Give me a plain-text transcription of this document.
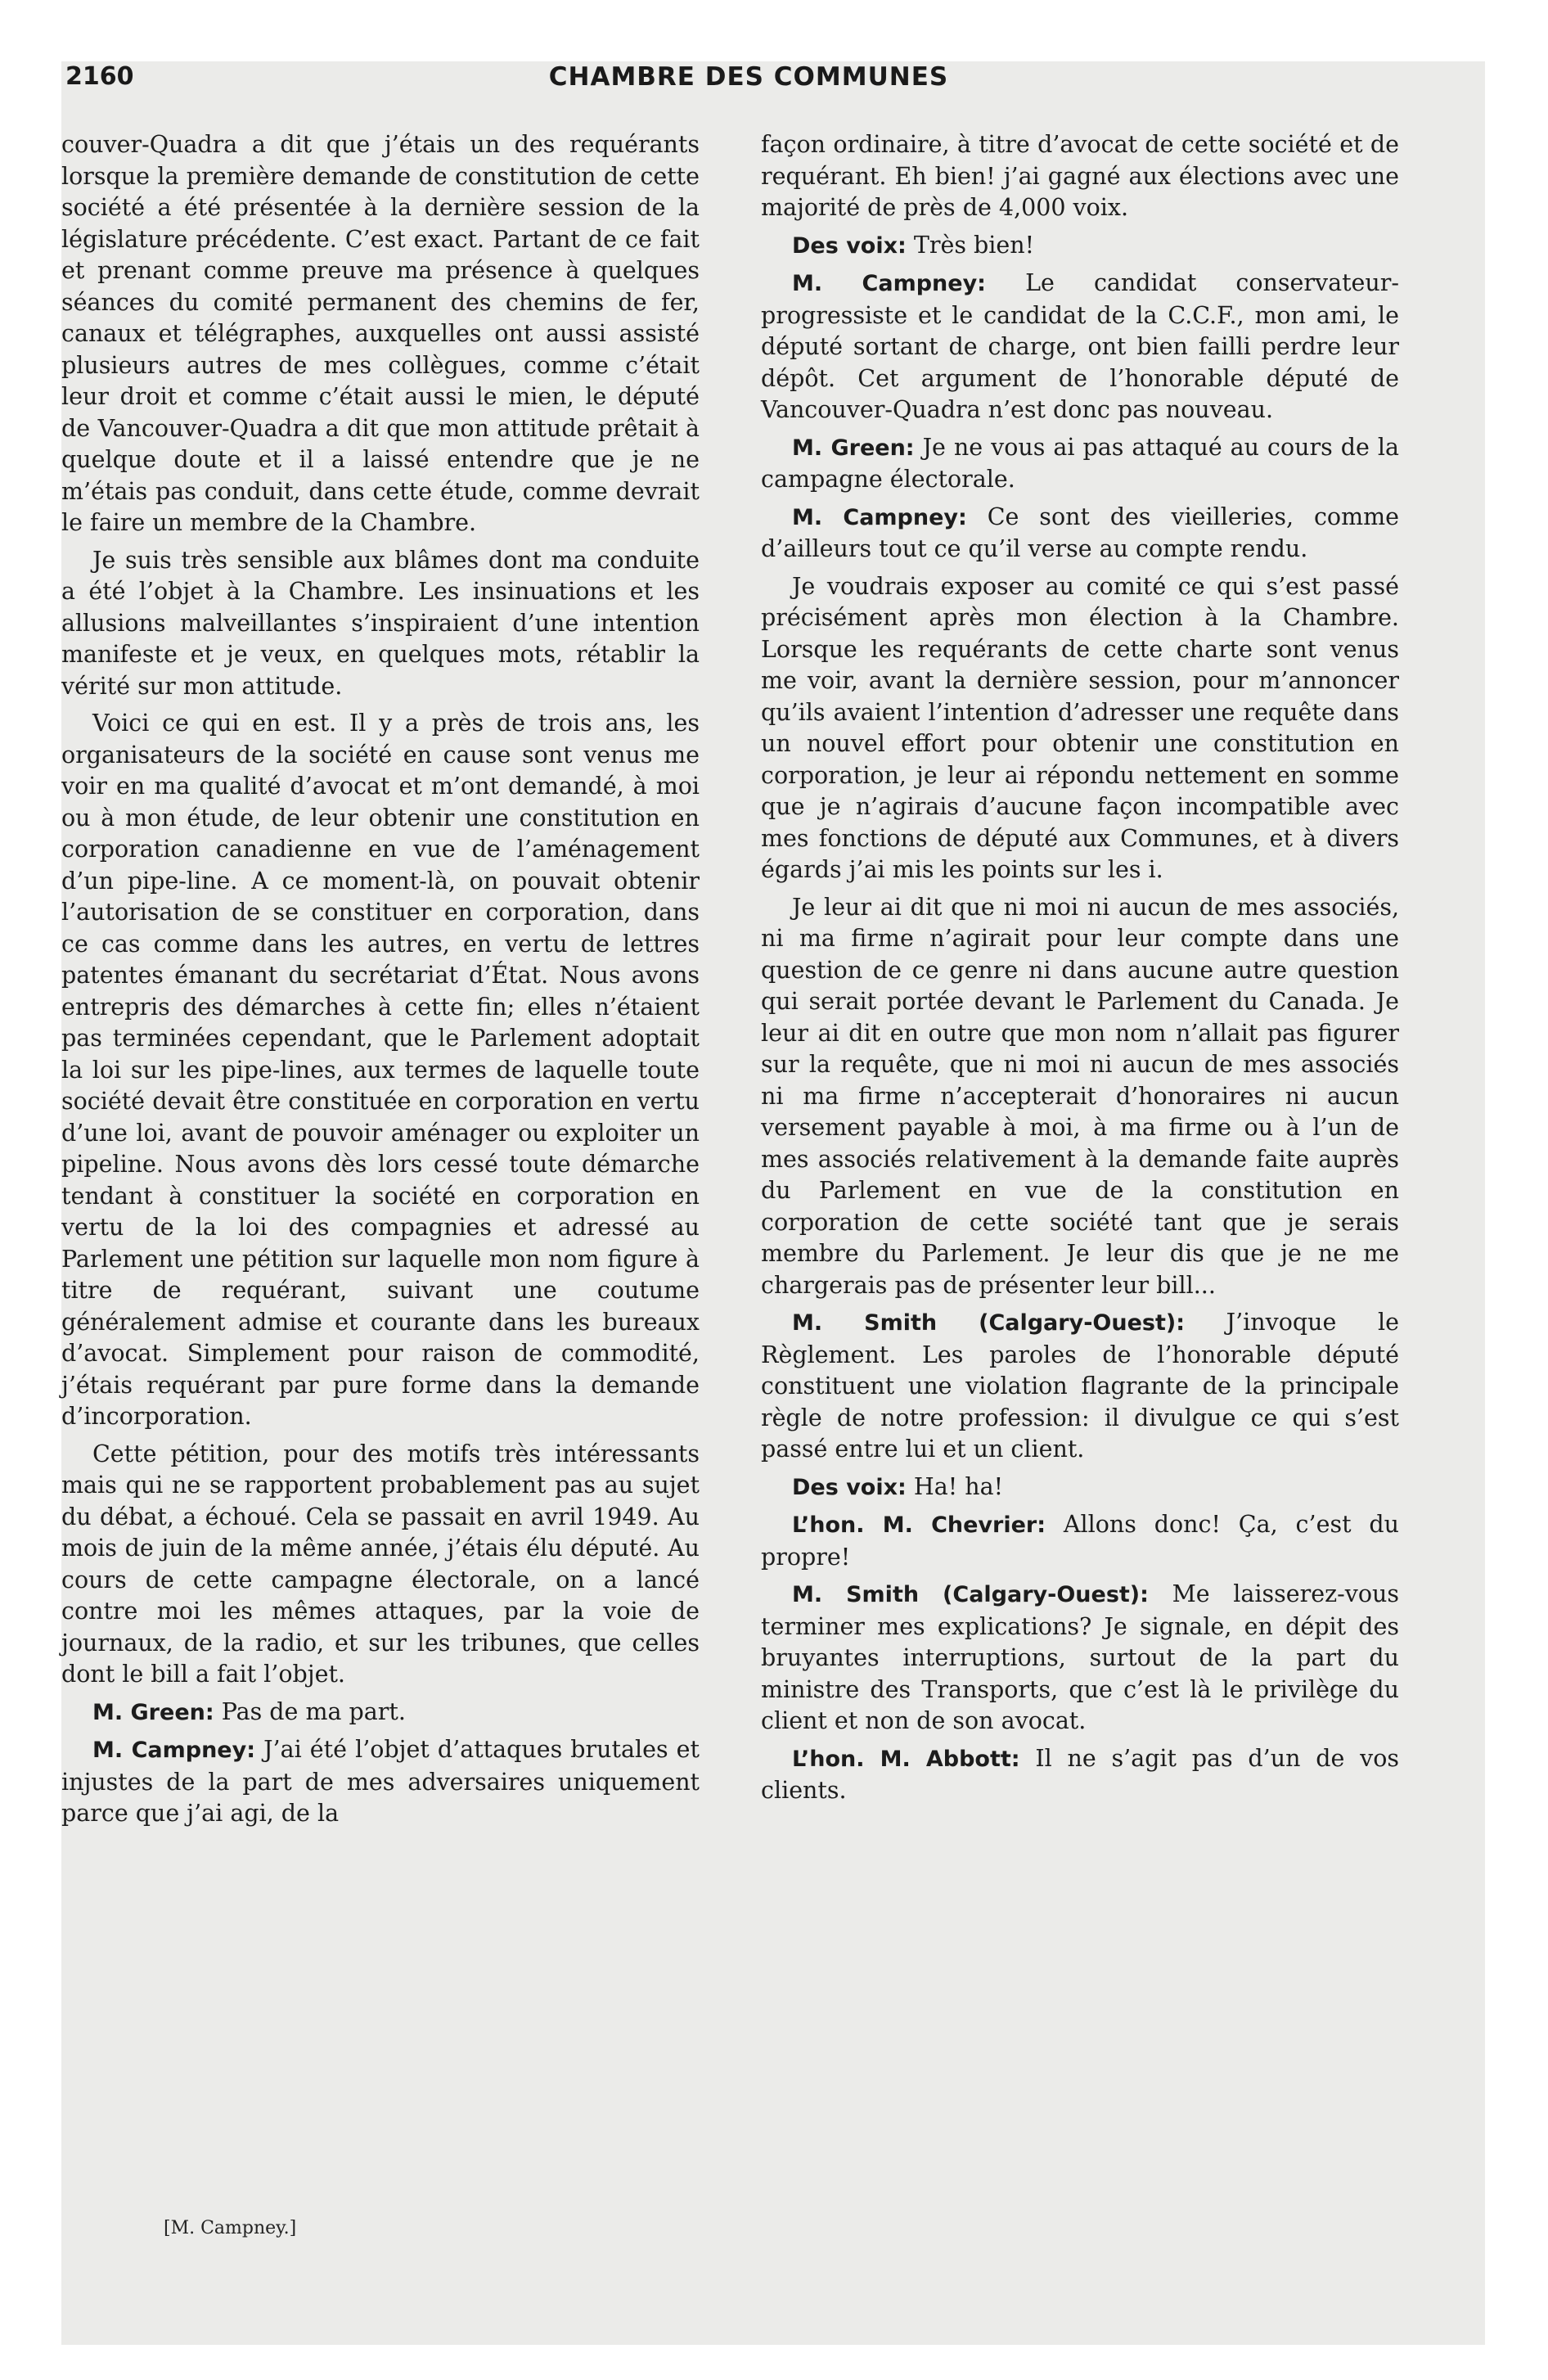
2160	CHAMBRE DES COMMUNES

couver-Quadra a dit que j’étais un des requérants lorsque la première demande de constitution de cette société a été présentée à la dernière session de la législature précédente. C’est exact. Partant de ce fait et prenant comme preuve ma présence à quelques séances du comité permanent des chemins de fer, canaux et télégraphes, auxquelles ont aussi assisté plusieurs autres de mes collègues, comme c’était leur droit et comme c’était aussi le mien, le député de Vancouver-Quadra a dit que mon attitude prêtait à quelque doute et il a laissé entendre que je ne m’étais pas conduit, dans cette étude, comme devrait le faire un membre de la Chambre.

Je suis très sensible aux blâmes dont ma conduite a été l’objet à la Chambre. Les insinuations et les allusions malveillantes s’inspiraient d’une intention manifeste et je veux, en quelques mots, rétablir la vérité sur mon attitude.

Voici ce qui en est. Il y a près de trois ans, les organisateurs de la société en cause sont venus me voir en ma qualité d’avocat et m’ont demandé, à moi ou à mon étude, de leur obtenir une constitution en corporation canadienne en vue de l’aménagement d’un pipe-line. A ce moment-là, on pouvait obtenir l’autorisation de se constituer en corporation, dans ce cas comme dans les autres, en vertu de lettres patentes émanant du secrétariat d’État. Nous avons entrepris des démarches à cette fin; elles n’étaient pas terminées cependant, que le Parlement adoptait la loi sur les pipe-lines, aux termes de laquelle toute société devait être constituée en corporation en vertu d’une loi, avant de pouvoir aménager ou exploiter un pipeline. Nous avons dès lors cessé toute démarche tendant à constituer la société en corporation en vertu de la loi des compagnies et adressé au Parlement une pétition sur laquelle mon nom figure à titre de requérant, suivant une coutume généralement admise et courante dans les bureaux d’avocat. Simplement pour raison de commodité, j’étais requérant par pure forme dans la demande d’incorporation.

Cette pétition, pour des motifs très intéressants mais qui ne se rapportent probablement pas au sujet du débat, a échoué. Cela se passait en avril 1949. Au mois de juin de la même année, j’étais élu député. Au cours de cette campagne électorale, on a lancé contre moi les mêmes attaques, par la voie de journaux, de la radio, et sur les tribunes, que celles dont le bill a fait l’objet.

M. Green: Pas de ma part.

M. Campney: J’ai été l’objet d’attaques brutales et injustes de la part de mes adversaires uniquement parce que j’ai agi, de la

façon ordinaire, à titre d’avocat de cette société et de requérant. Eh bien! j’ai gagné aux élections avec une majorité de près de 4,000 voix.

Des voix: Très bien!

M. Campney: Le candidat conservateur-progressiste et le candidat de la C.C.F., mon ami, le député sortant de charge, ont bien failli perdre leur dépôt. Cet argument de l’honorable député de Vancouver-Quadra n’est donc pas nouveau.

M. Green: Je ne vous ai pas attaqué au cours de la campagne électorale.

M. Campney: Ce sont des vieilleries, comme d’ailleurs tout ce qu’il verse au compte rendu.

Je voudrais exposer au comité ce qui s’est passé précisément après mon élection à la Chambre. Lorsque les requérants de cette charte sont venus me voir, avant la dernière session, pour m’annoncer qu’ils avaient l’intention d’adresser une requête dans un nouvel effort pour obtenir une constitution en corporation, je leur ai répondu nettement en somme que je n’agirais d’aucune façon incompatible avec mes fonctions de député aux Communes, et à divers égards j’ai mis les points sur les i.

Je leur ai dit que ni moi ni aucun de mes associés, ni ma firme n’agirait pour leur compte dans une question de ce genre ni dans aucune autre question qui serait portée devant le Parlement du Canada. Je leur ai dit en outre que mon nom n’allait pas figurer sur la requête, que ni moi ni aucun de mes associés ni ma firme n’accepterait d’honoraires ni aucun versement payable à moi, à ma firme ou à l’un de mes associés relativement à la demande faite auprès du Parlement en vue de la constitution en corporation de cette société tant que je serais membre du Parlement. Je leur dis que je ne me chargerais pas de présenter leur bill...

M. Smith (Calgary-Ouest): J’invoque le Règlement. Les paroles de l’honorable député constituent une violation flagrante de la principale règle de notre profession: il divulgue ce qui s’est passé entre lui et un client.

Des voix: Ha! ha!

L’hon. M. Chevrier: Allons donc! Ça, c’est du propre!

M. Smith (Calgary-Ouest): Me laisserez-vous terminer mes explications? Je signale, en dépit des bruyantes interruptions, surtout de la part du ministre des Transports, que c’est là le privilège du client et non de son avocat.

L’hon. M. Abbott: Il ne s’agit pas d’un de vos clients.

[M. Campney.]
